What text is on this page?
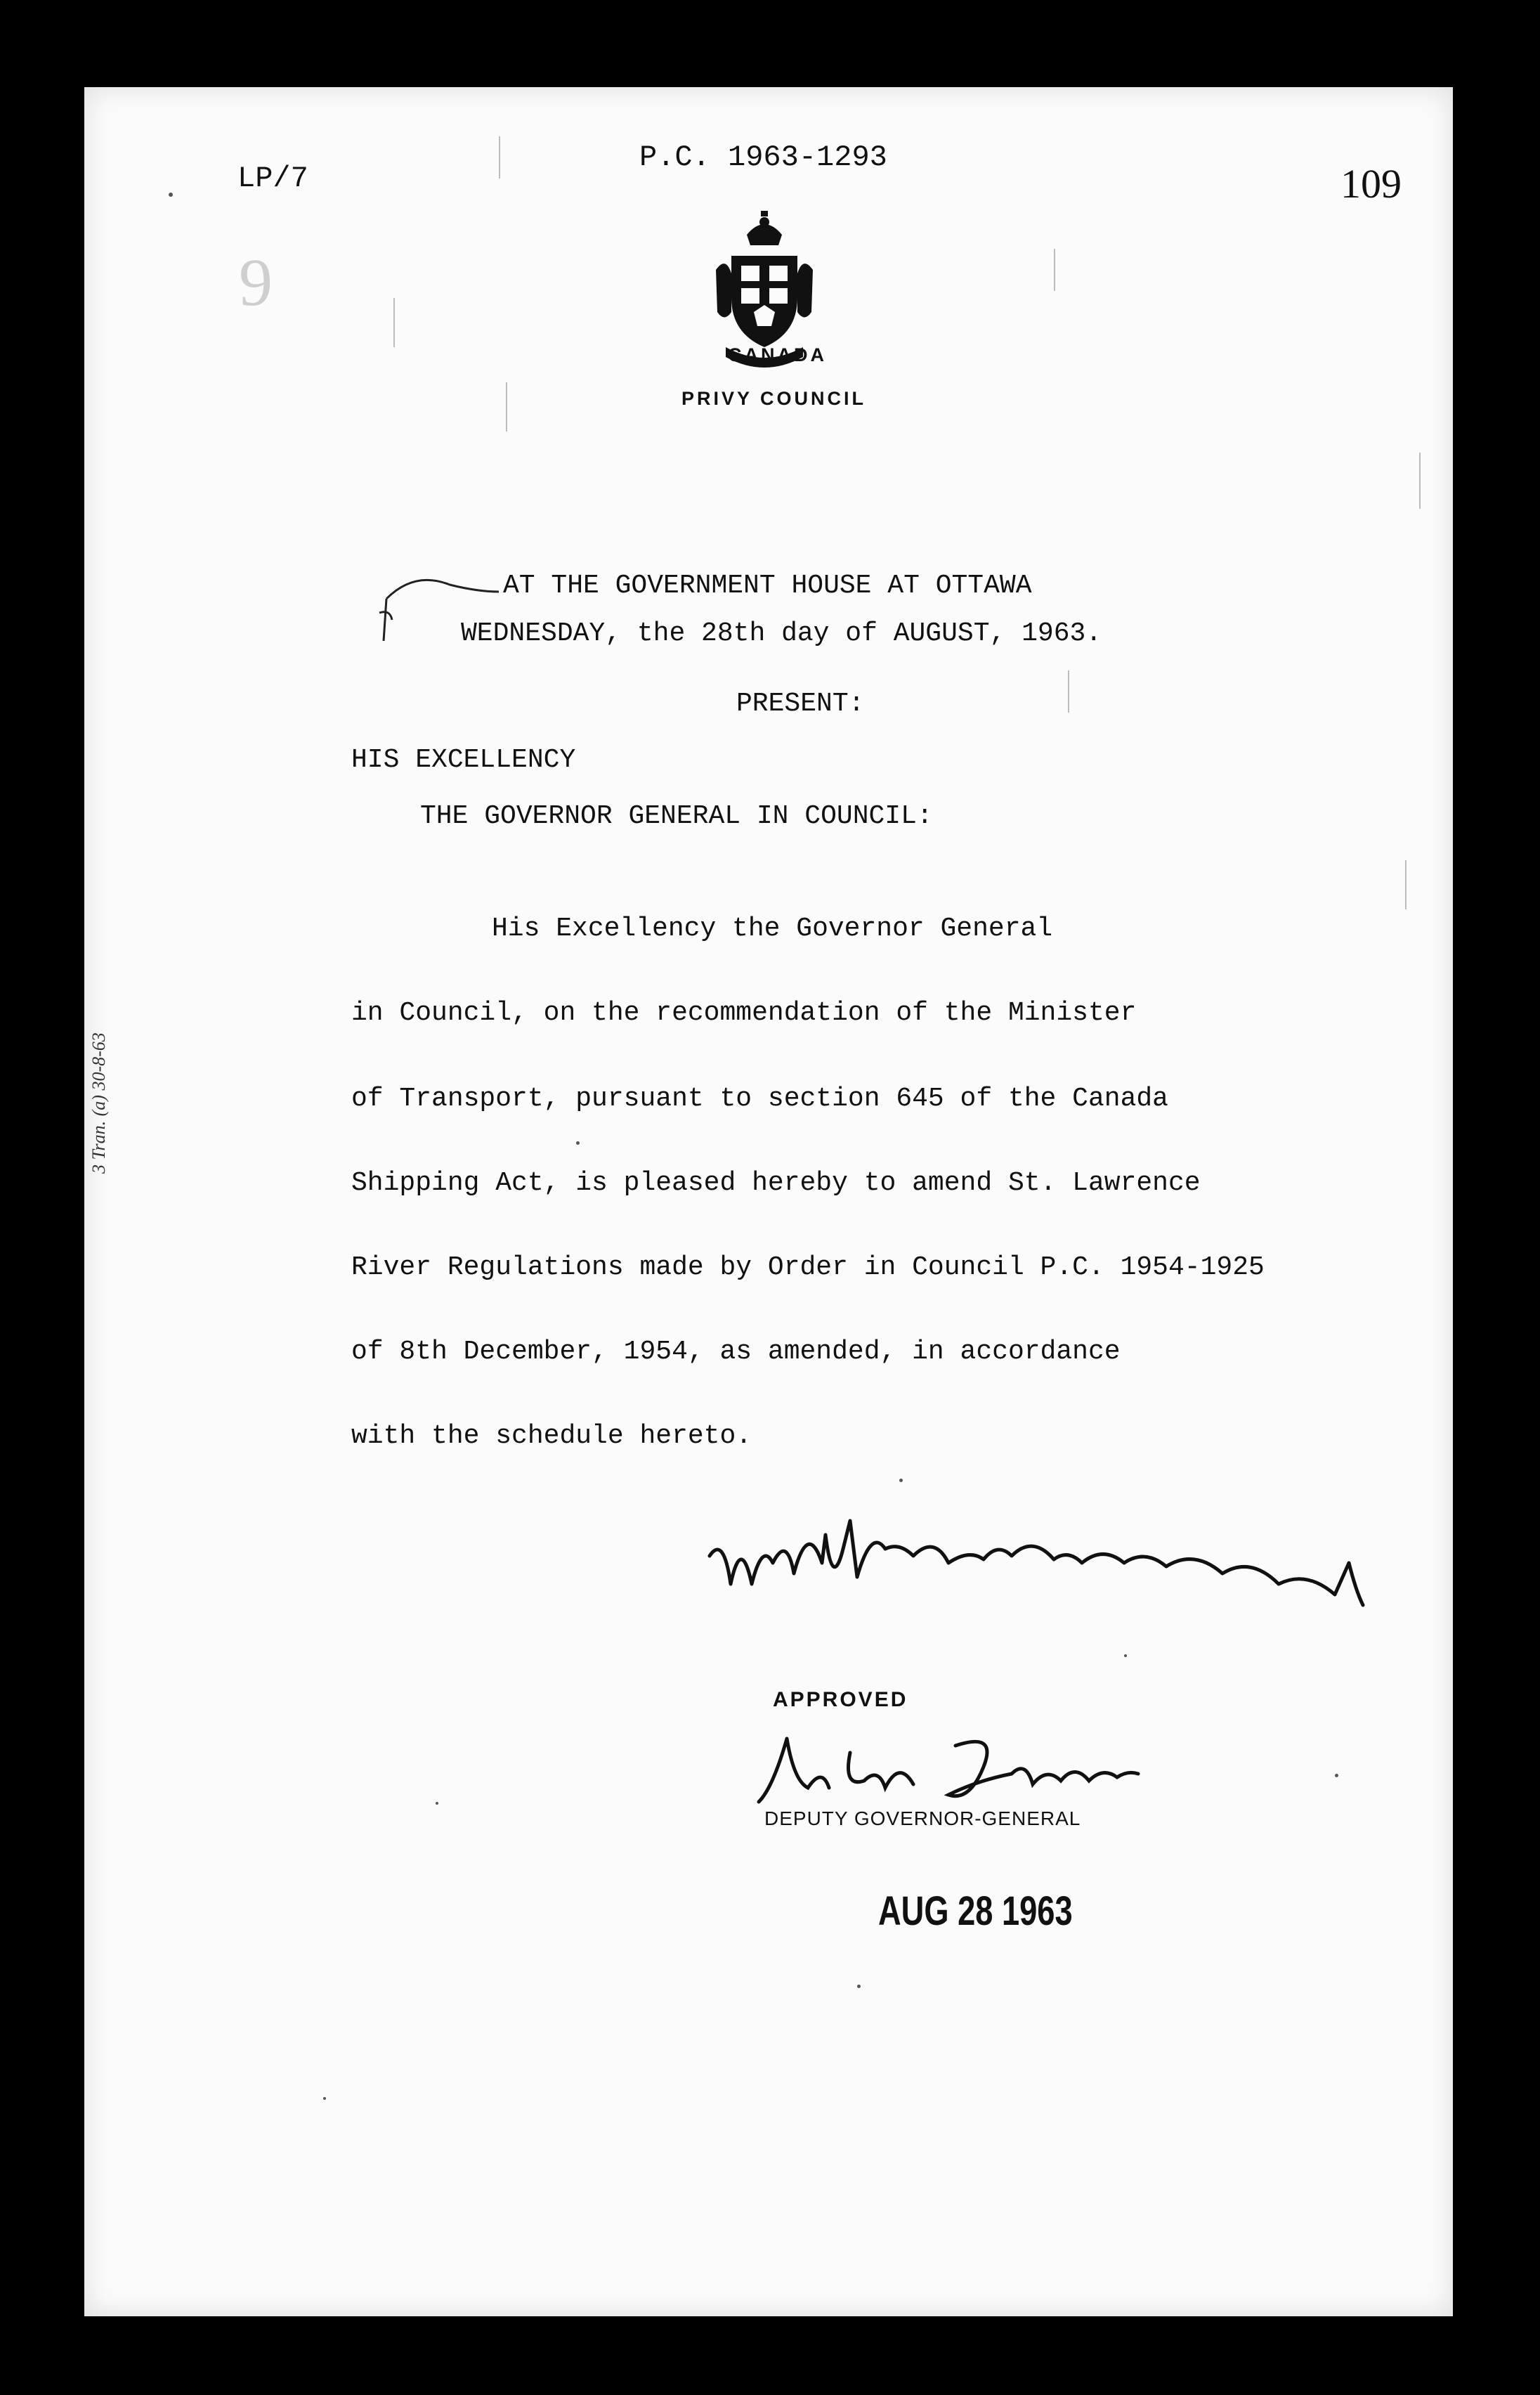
LP/7
P.C. 1963-1293
109
9
CANADA
PRIVY COUNCIL
AT THE GOVERNMENT HOUSE AT OTTAWA
WEDNESDAY, the 28th day of AUGUST, 1963.
PRESENT:
HIS EXCELLENCY
THE GOVERNOR GENERAL IN COUNCIL:
His Excellency the Governor General
in Council, on the recommendation of the Minister
of Transport, pursuant to section 645 of the Canada
Shipping Act, is pleased hereby to amend St. Lawrence
River Regulations made by Order in Council P.C. 1954-1925
of 8th December, 1954, as amended, in accordance
with the schedule hereto.
3 Tran. (a) 30-8-63
APPROVED
DEPUTY GOVERNOR-GENERAL
AUG 28 1963
